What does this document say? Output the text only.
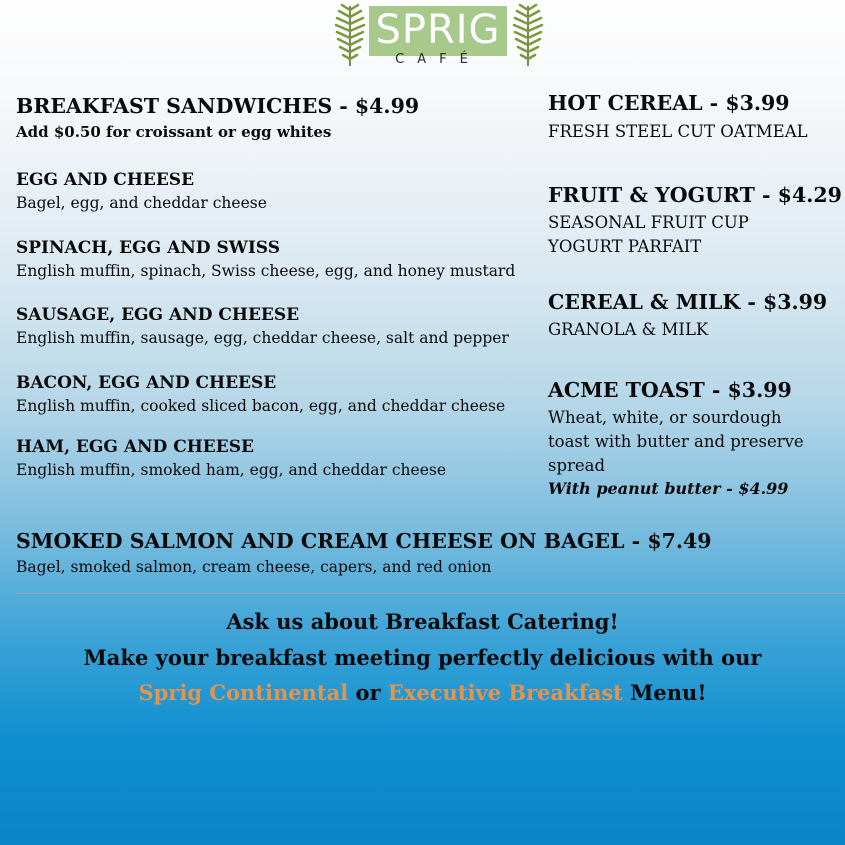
SPRIG
CAFÉ
BREAKFAST SANDWICHES - $4.99
Add $0.50 for croissant or egg whites
EGG AND CHEESE
Bagel, egg, and cheddar cheese
SPINACH, EGG AND SWISS
English muffin, spinach, Swiss cheese, egg, and honey mustard
SAUSAGE, EGG AND CHEESE
English muffin, sausage, egg, cheddar cheese, salt and pepper
BACON, EGG AND CHEESE
English muffin, cooked sliced bacon, egg, and cheddar cheese
HAM, EGG AND CHEESE
English muffin, smoked ham, egg, and cheddar cheese
HOT CEREAL - $3.99
FRESH STEEL CUT OATMEAL
FRUIT & YOGURT - $4.29
SEASONAL FRUIT CUP
YOGURT PARFAIT
CEREAL & MILK - $3.99
GRANOLA & MILK
ACME TOAST - $3.99
Wheat, white, or sourdough
toast with butter and preserve
spread
With peanut butter - $4.99
SMOKED SALMON AND CREAM CHEESE ON BAGEL - $7.49
Bagel, smoked salmon, cream cheese, capers, and red onion
Ask us about Breakfast Catering!
Make your breakfast meeting perfectly delicious with our
Sprig Continental or Executive Breakfast Menu!
